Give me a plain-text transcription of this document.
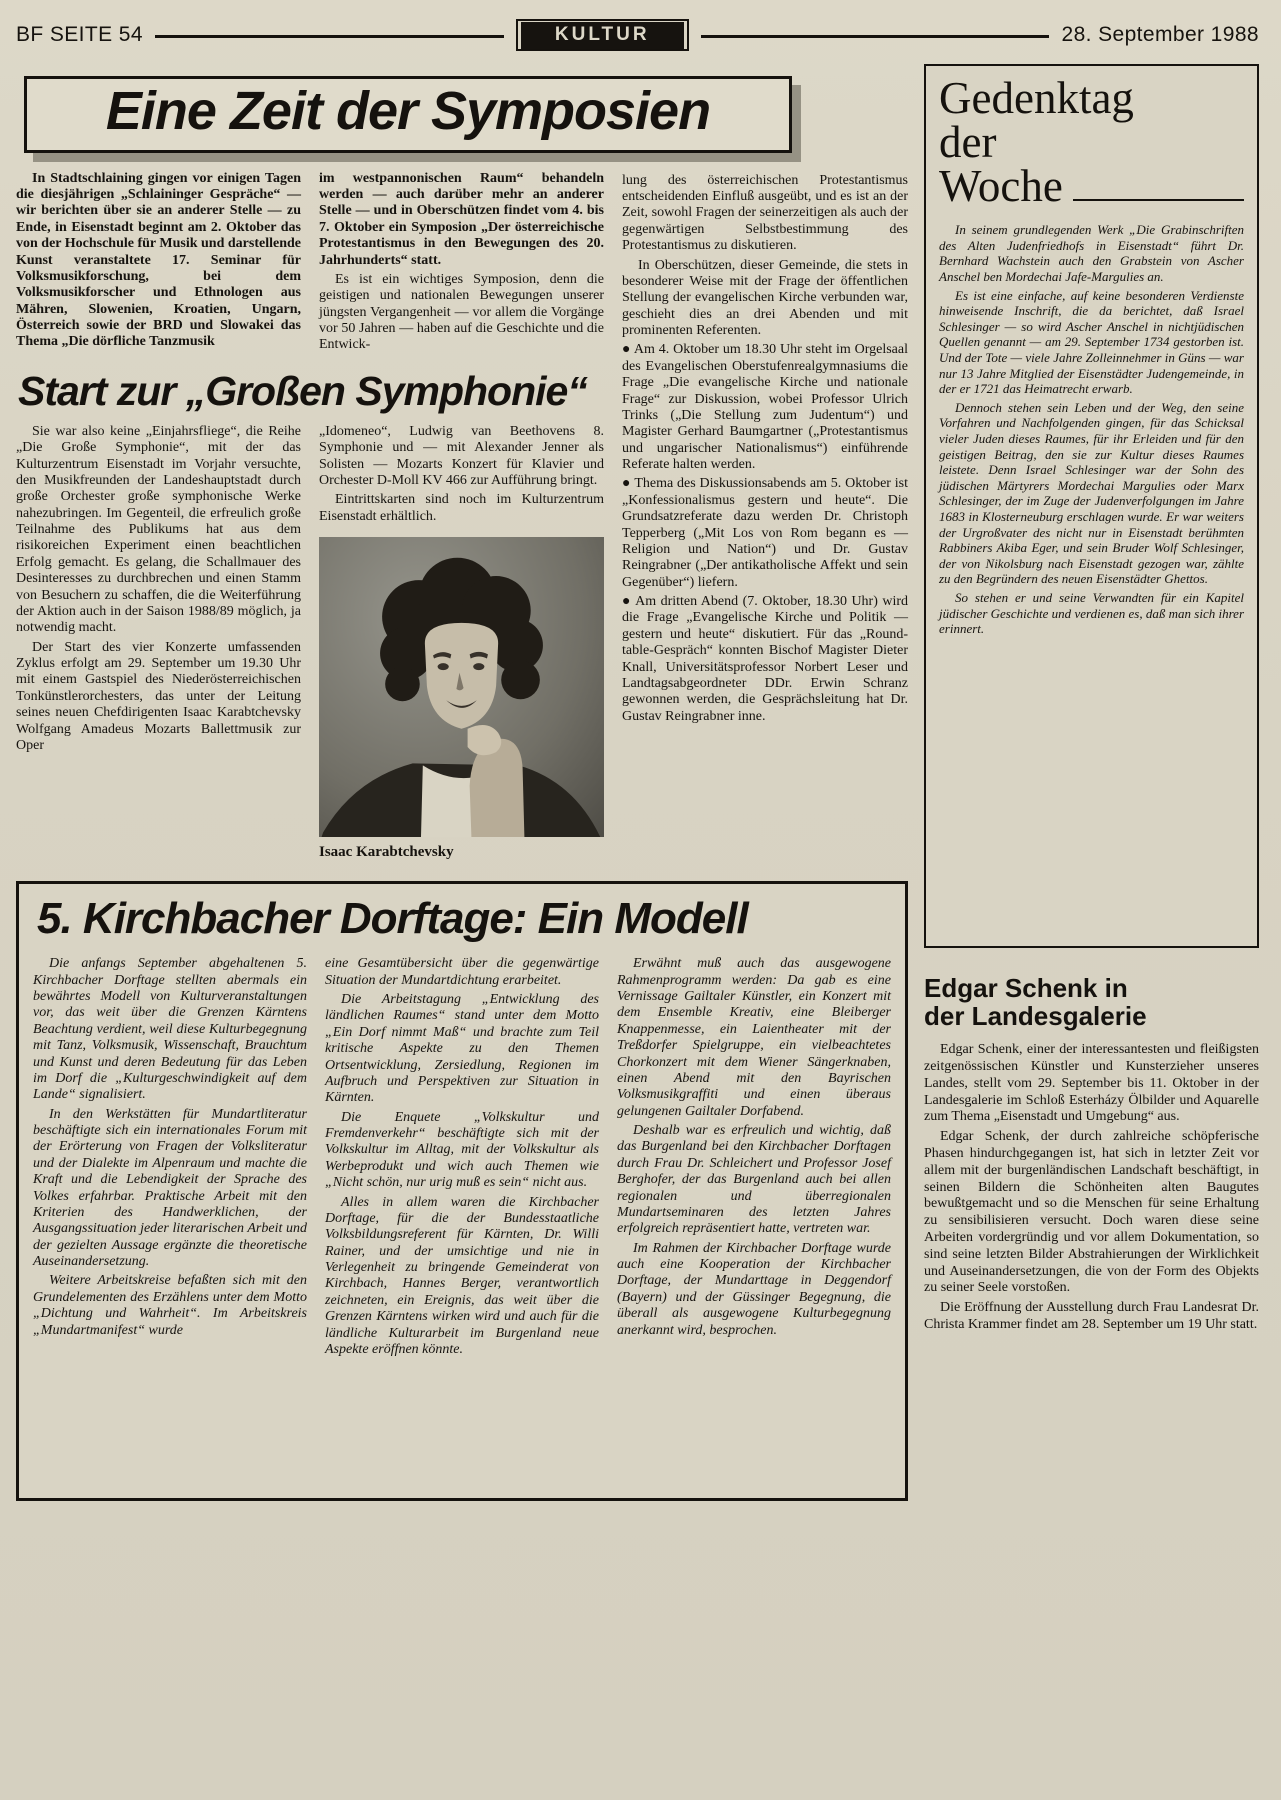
BF SEITE 54	KULTUR	28. September 1988
Eine Zeit der Symposien

In Stadtschlaining gingen vor einigen Tagen die diesjährigen „Schlaininger Gespräche“ — wir berichten über sie an anderer Stelle — zu Ende, in Eisenstadt beginnt am 2. Oktober das von der Hochschule für Musik und darstellende Kunst veranstaltete 17. Seminar für Volksmusikforschung, bei dem Volksmusikforscher und Ethnologen aus Mähren, Slowenien, Kroatien, Ungarn, Österreich sowie der BRD und Slowakei das Thema „Die dörfliche Tanzmusik

im westpannonischen Raum“ behandeln werden — auch darüber mehr an anderer Stelle — und in Oberschützen findet vom 4. bis 7. Oktober ein Symposion „Der österreichische Protestantismus in den Bewegungen des 20. Jahrhunderts“ statt.

Es ist ein wichtiges Symposion, denn die geistigen und nationalen Bewegungen unserer jüngsten Vergangenheit — vor allem die Vorgänge vor 50 Jahren — haben auf die Geschichte und die Entwick-

Start zur „Großen Symphonie“

Sie war also keine „Einjahrsfliege“, die Reihe „Die Große Symphonie“, mit der das Kulturzentrum Eisenstadt im Vorjahr versuchte, den Musikfreunden der Landeshauptstadt durch große Orchester große symphonische Werke nahezubringen. Im Gegenteil, die erfreulich große Teilnahme des Publikums hat aus dem risikoreichen Experiment einen beachtlichen Erfolg gemacht. Es gelang, die Schallmauer des Desinteresses zu durchbrechen und einen Stamm von Besuchern zu schaffen, die die Weiterführung der Aktion auch in der Saison 1988/89 möglich, ja notwendig macht.

Der Start des vier Konzerte umfassenden Zyklus erfolgt am 29. September um 19.30 Uhr mit einem Gastspiel des Niederösterreichischen Tonkünstlerorchesters, das unter der Leitung seines neuen Chefdirigenten Isaac Karabtchevsky Wolfgang Amadeus Mozarts Ballettmusik zur Oper

„Idomeneo“, Ludwig van Beethovens 8. Symphonie und — mit Alexander Jenner als Solisten — Mozarts Konzert für Klavier und Orchester D-Moll KV 466 zur Aufführung bringt.

Eintrittskarten sind noch im Kulturzentrum Eisenstadt erhältlich.

Isaac Karabtchevsky

lung des österreichischen Protestantismus entscheidenden Einfluß ausgeübt, und es ist an der Zeit, sowohl Fragen der seinerzeitigen als auch der gegenwärtigen Selbstbestimmung des Protestantismus zu diskutieren.

In Oberschützen, dieser Gemeinde, die stets in besonderer Weise mit der Frage der öffentlichen Stellung der evangelischen Kirche verbunden war, geschieht dies an drei Abenden und mit prominenten Referenten.

● Am 4. Oktober um 18.30 Uhr steht im Orgelsaal des Evangelischen Oberstufenrealgymnasiums die Frage „Die evangelische Kirche und nationale Frage“ zur Diskussion, wobei Professor Ulrich Trinks („Die Stellung zum Judentum“) und Magister Gerhard Baumgartner („Protestantismus und ungarischer Nationalismus“) einführende Referate halten werden.

● Thema des Diskussionsabends am 5. Oktober ist „Konfessionalismus gestern und heute“. Die Grundsatzreferate dazu werden Dr. Christoph Tepperberg („Mit Los von Rom begann es — Religion und Nation“) und Dr. Gustav Reingrabner („Der antikatholische Affekt und sein Gegenüber“) liefern.

● Am dritten Abend (7. Oktober, 18.30 Uhr) wird die Frage „Evangelische Kirche und Politik — gestern und heute“ diskutiert. Für das „Round-table-Gespräch“ konnten Bischof Magister Dieter Knall, Universitätsprofessor Norbert Leser und Landtagsabgeordneter DDr. Erwin Schranz gewonnen werden, die Gesprächsleitung hat Dr. Gustav Reingrabner inne.

5. Kirchbacher Dorftage: Ein Modell

Die anfangs September abgehaltenen 5. Kirchbacher Dorftage stellten abermals ein bewährtes Modell von Kulturveranstaltungen vor, das weit über die Grenzen Kärntens Beachtung verdient, weil diese Kulturbegegnung mit Tanz, Volksmusik, Wissenschaft, Brauchtum und Kunst und deren Bedeutung für das Leben im Dorf die „Kulturgeschwindigkeit auf dem Lande“ signalisiert.

In den Werkstätten für Mundartliteratur beschäftigte sich ein internationales Forum mit der Erörterung von Fragen der Volksliteratur und der Dialekte im Alpenraum und machte die Kraft und die Lebendigkeit der Sprache des Volkes erfahrbar. Praktische Arbeit mit den Kriterien des Handwerklichen, der Ausgangssituation jeder literarischen Arbeit und der gezielten Aussage ergänzte die theoretische Auseinandersetzung.

Weitere Arbeitskreise befaßten sich mit den Grundelementen des Erzählens unter dem Motto „Dichtung und Wahrheit“. Im Arbeitskreis „Mundartmanifest“ wurde

eine Gesamtübersicht über die gegenwärtige Situation der Mundartdichtung erarbeitet.

Die Arbeitstagung „Entwicklung des ländlichen Raumes“ stand unter dem Motto „Ein Dorf nimmt Maß“ und brachte zum Teil kritische Aspekte zu den Themen Ortsentwicklung, Zersiedlung, Regionen im Aufbruch und Perspektiven zur Situation in Kärnten.

Die Enquete „Volkskultur und Fremdenverkehr“ beschäftigte sich mit der Volkskultur im Alltag, mit der Volkskultur als Werbeprodukt und wich auch Themen wie „Nicht schön, nur urig muß es sein“ nicht aus.

Alles in allem waren die Kirchbacher Dorftage, für die der Bundesstaatliche Volksbildungsreferent für Kärnten, Dr. Willi Rainer, und der umsichtige und nie in Verlegenheit zu bringende Gemeinderat von Kirchbach, Hannes Berger, verantwortlich zeichneten, ein Ereignis, das weit über die Grenzen Kärntens wirken wird und auch für die ländliche Kulturarbeit im Burgenland neue Aspekte eröffnen könnte.

Erwähnt muß auch das ausgewogene Rahmenprogramm werden: Da gab es eine Vernissage Gailtaler Künstler, ein Konzert mit dem Ensemble Kreativ, eine Bleiberger Knappenmesse, ein Laientheater mit der Treßdorfer Spielgruppe, ein vielbeachtetes Chorkonzert mit dem Wiener Sängerknaben, einen Abend mit den Bayrischen Volksmusikgraffiti und einen überaus gelungenen Gailtaler Dorfabend.

Deshalb war es erfreulich und wichtig, daß das Burgenland bei den Kirchbacher Dorftagen durch Frau Dr. Schleichert und Professor Josef Berghofer, der das Burgenland auch bei allen regionalen und überregionalen Mundartseminaren des letzten Jahres erfolgreich repräsentiert hatte, vertreten war.

Im Rahmen der Kirchbacher Dorftage wurde auch eine Kooperation der Kirchbacher Dorftage, der Mundarttage in Deggendorf (Bayern) und der Güssinger Begegnung, die überall als ausgewogene Kulturbegegnung anerkannt wird, besprochen.

Gedenktag
der
Woche

In seinem grundlegenden Werk „Die Grabinschriften des Alten Judenfriedhofs in Eisenstadt“ führt Dr. Bernhard Wachstein auch den Grabstein von Ascher Anschel ben Mordechai Jafe-Margulies an.

Es ist eine einfache, auf keine besonderen Verdienste hinweisende Inschrift, die da berichtet, daß Israel Schlesinger — so wird Ascher Anschel in nichtjüdischen Quellen genannt — am 29. September 1734 gestorben ist. Und der Tote — viele Jahre Zolleinnehmer in Güns — war nur 13 Jahre Mitglied der Eisenstädter Judengemeinde, in der er 1721 das Heimatrecht erwarb.

Dennoch stehen sein Leben und der Weg, den seine Vorfahren und Nachfolgenden gingen, für das Schicksal vieler Juden dieses Raumes, für ihr Erleiden und für den geistigen Beitrag, den sie zur Kultur dieses Raumes leistete. Denn Israel Schlesinger war der Sohn des jüdischen Märtyrers Mordechai Margulies oder Marx Schlesinger, der im Zuge der Judenverfolgungen im Jahre 1683 in Klosterneuburg erschlagen wurde. Er war weiters der Urgroßvater des nicht nur in Eisenstadt berühmten Rabbiners Akiba Eger, und sein Bruder Wolf Schlesinger, der von Nikolsburg nach Eisenstadt gezogen war, zählte zu den Begründern des neuen Eisenstädter Ghettos.

So stehen er und seine Verwandten für ein Kapitel jüdischer Geschichte und verdienen es, daß man sich ihrer erinnert.

Edgar Schenk in
der Landesgalerie

Edgar Schenk, einer der interessantesten und fleißigsten zeitgenössischen Künstler und Kunsterzieher unseres Landes, stellt vom 29. September bis 11. Oktober in der Landesgalerie im Schloß Esterházy Ölbilder und Aquarelle zum Thema „Eisenstadt und Umgebung“ aus.

Edgar Schenk, der durch zahlreiche schöpferische Phasen hindurchgegangen ist, hat sich in letzter Zeit vor allem mit der burgenländischen Landschaft beschäftigt, in seinen Bildern die Schönheiten alten Baugutes bewußtgemacht und so die Menschen für seine Erhaltung zu sensibilisieren versucht. Doch waren diese seine Arbeiten vordergründig und vor allem Dokumentation, so sind seine letzten Bilder Abstrahierungen der Wirklichkeit und Auseinandersetzungen, die von der Form des Objekts zu seiner Seele vorstoßen.

Die Eröffnung der Ausstellung durch Frau Landesrat Dr. Christa Krammer findet am 28. September um 19 Uhr statt.
